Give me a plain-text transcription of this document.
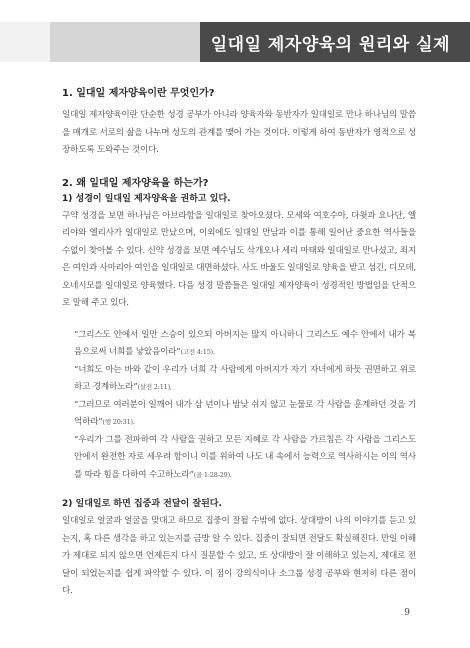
일대일 제자양육의 원리와 실제
1. 일대일 제자양육이란 무엇인가?

일대일 제자양육이란 단순한 성경 공부가 아니라 양육자와 동반자가 일대일로 만나 하나님의 말씀을 매개로 서로의 삶을 나누며 성도의 관계를 맺어 가는 것이다. 이렇게 하여 동반자가 영적으로 성장하도록 도와주는 것이다.

2. 왜 일대일 제자양육을 하는가?
1) 성경이 일대일 제자양육을 권하고 있다.

구약 성경을 보면 하나님은 아브라함을 일대일로 찾아오셨다. 모세와 여호수아, 다윗과 요나단, 엘리야와 엘리사가 일대일로 만났으며, 이외에도 일대일 만남과 이를 통해 일어난 중요한 역사들을 수없이 찾아볼 수 있다. 신약 성경을 보면 예수님도 삭개오나 세리 마태와 일대일로 만나셨고, 죄지은 여인과 사마리아 여인을 일대일로 대면하셨다. 사도 바울도 일대일로 양육을 받고 섬긴, 디모데, 오네시모를 일대일로 양육했다. 다음 성경 말씀들은 일대일 제자양육이 성경적인 방법임을 단적으로 말해 주고 있다.

“그리스도 안에서 일만 스승이 있으되 아버지는 많지 아니하니 그리스도 예수 안에서 내가 복음으로써 너희를 낳았음이라”(고전 4:15).

“너희도 아는 바와 같이 우리가 너희 각 사람에게 아버지가 자기 자녀에게 하듯 권면하고 위로하고 경계하노라”(살전 2:11),

“그러므로 여러분이 일깨어 내가 삼 년이나 밤낮 쉬지 않고 눈물로 각 사람을 훈계하던 것을 기억하라”(행 20:31).

“우리가 그를 전파하여 각 사람을 권하고 모든 지혜로 각 사람을 가르침은 각 사람을 그리스도 안에서 완전한 자로 세우려 함이니 이를 위하여 나도 내 속에서 능력으로 역사하시는 이의 역사를 따라 힘을 다하여 수고하노라”(골 1:28-29).

2) 일대일로 하면 집중과 전달이 잘된다.

일대일로 얼굴과 얼굴을 맞대고 하므로 집중이 잘될 수밖에 없다. 상대방이 나의 이야기를 듣고 있는지, 혹 다른 생각을 하고 있는지를 금방 알 수 있다. 집중이 잘되면 전달도 확실해진다. 만일 이해가 제대로 되지 않으면 언제든지 다시 질문할 수 있고, 또 상대방이 잘 이해하고 있는지, 제대로 전달이 되었는지를 쉽게 파악할 수 있다. 이 점이 강의식이나 소그룹 성경 공부와 현저히 다른 점이다.

9
